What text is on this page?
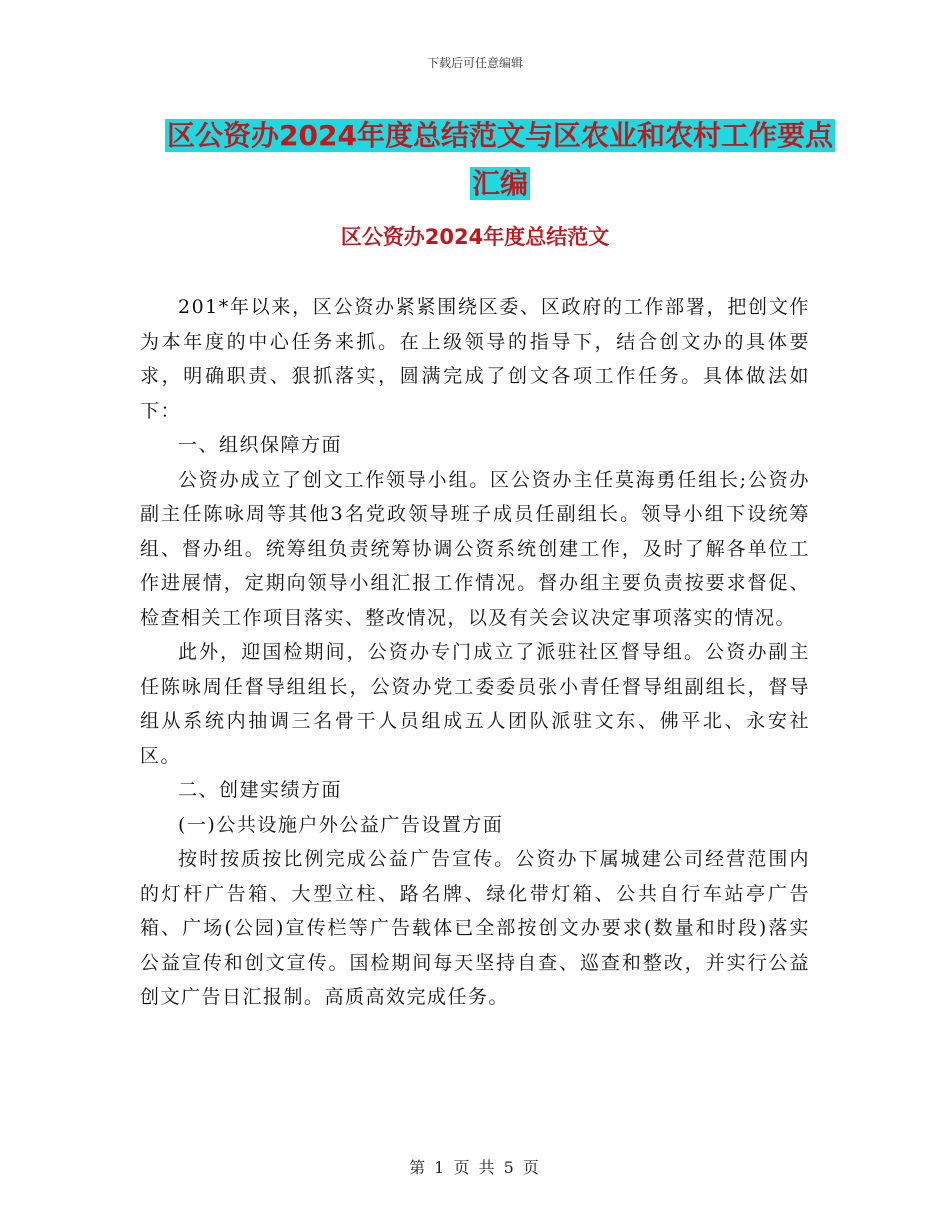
下载后可任意编辑
区公资办2024年度总结范文与区农业和农村工作要点
汇编
区公资办2024年度总结范文

201*年以来，区公资办紧紧围绕区委、区政府的工作部署，把创文作为本年度的中心任务来抓。在上级领导的指导下，结合创文办的具体要求，明确职责、狠抓落实，圆满完成了创文各项工作任务。具体做法如下：

一、组织保障方面

公资办成立了创文工作领导小组。区公资办主任莫海勇任组长;公资办副主任陈咏周等其他3名党政领导班子成员任副组长。领导小组下设统筹组、督办组。统筹组负责统筹协调公资系统创建工作，及时了解各单位工作进展情，定期向领导小组汇报工作情况。督办组主要负责按要求督促、检查相关工作项目落实、整改情况，以及有关会议决定事项落实的情况。

此外，迎国检期间，公资办专门成立了派驻社区督导组。公资办副主任陈咏周任督导组组长，公资办党工委委员张小青任督导组副组长，督导组从系统内抽调三名骨干人员组成五人团队派驻文东、佛平北、永安社区。

二、创建实绩方面

(一)公共设施户外公益广告设置方面

按时按质按比例完成公益广告宣传。公资办下属城建公司经营范围内的灯杆广告箱、大型立柱、路名牌、绿化带灯箱、公共自行车站亭广告箱、广场(公园)宣传栏等广告载体已全部按创文办要求(数量和时段)落实公益宣传和创文宣传。国检期间每天坚持自查、巡查和整改，并实行公益创文广告日汇报制。高质高效完成任务。

第 1 页 共 5 页
